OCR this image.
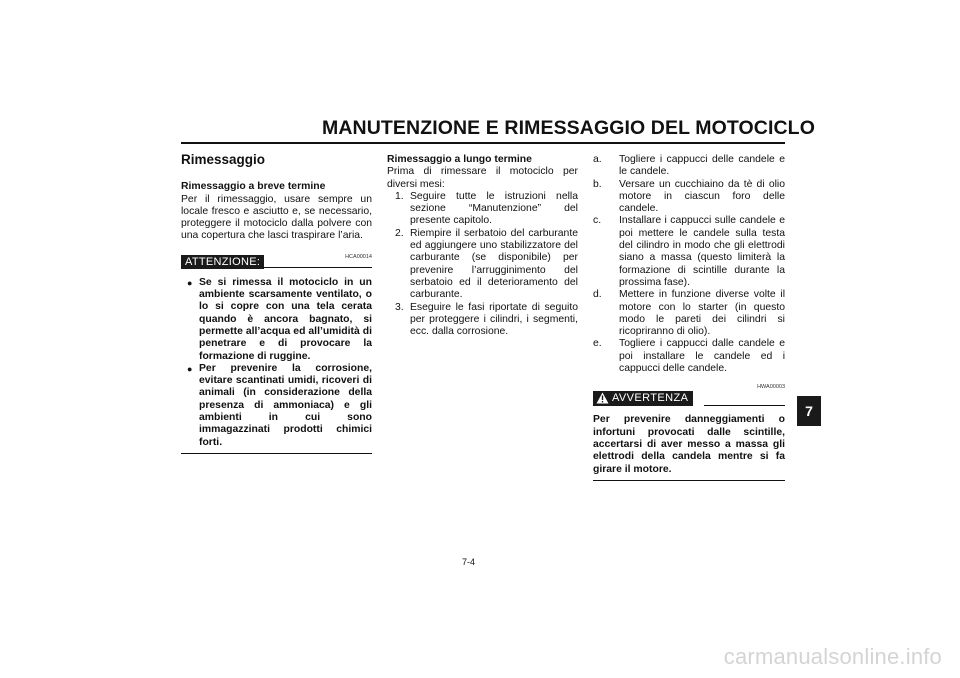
MANUTENZIONE E RIMESSAGGIO DEL MOTOCICLO
7
Rimessaggio
Rimessaggio a breve termine

Per il rimessaggio, usare sempre un locale fresco e asciutto e, se necessario, proteggere il motociclo dalla polvere con una copertura che lasci traspirare l’aria.

HCA00014
ATTENZIONE:
● Se si rimessa il motociclo in un ambiente scarsamente ventilato, o lo si copre con una tela cerata quando è ancora bagnato, si permette all’acqua ed all’umidità di penetrare e di provocare la formazione di ruggine.
● Per prevenire la corrosione, evitare scantinati umidi, ricoveri di animali (in considerazione della presenza di ammoniaca) e gli ambienti in cui sono immagazzinati prodotti chimici forti.
Rimessaggio a lungo termine

Prima di rimessare il motociclo per diversi mesi:

1. Seguire tutte le istruzioni nella sezione “Manutenzione” del presente capitolo.
2. Riempire il serbatoio del carburante ed aggiungere uno stabilizzatore del carburante (se disponibile) per prevenire l’arrugginimento del serbatoio ed il deterioramento del carburante.
3. Eseguire le fasi riportate di seguito per proteggere i cilindri, i segmenti, ecc. dalla corrosione.
a. Togliere i cappucci delle candele e le candele.
b. Versare un cucchiaino da tè di olio motore in ciascun foro delle candele.
c. Installare i cappucci sulle candele e poi mettere le candele sulla testa del cilindro in modo che gli elettrodi siano a massa (questo limiterà la formazione di scintille durante la prossima fase).
d. Mettere in funzione diverse volte il motore con lo starter (in questo modo le pareti dei cilindri si ricopriranno di olio).
e. Togliere i cappucci dalle candele e poi installare le candele ed i cappucci delle candele.
HWA00003
AVVERTENZA
Per prevenire danneggiamenti o infortuni provocati dalle scintille, accertarsi di aver messo a massa gli elettrodi della candela mentre si fa girare il motore.
7-4
carmanualsonline.info
